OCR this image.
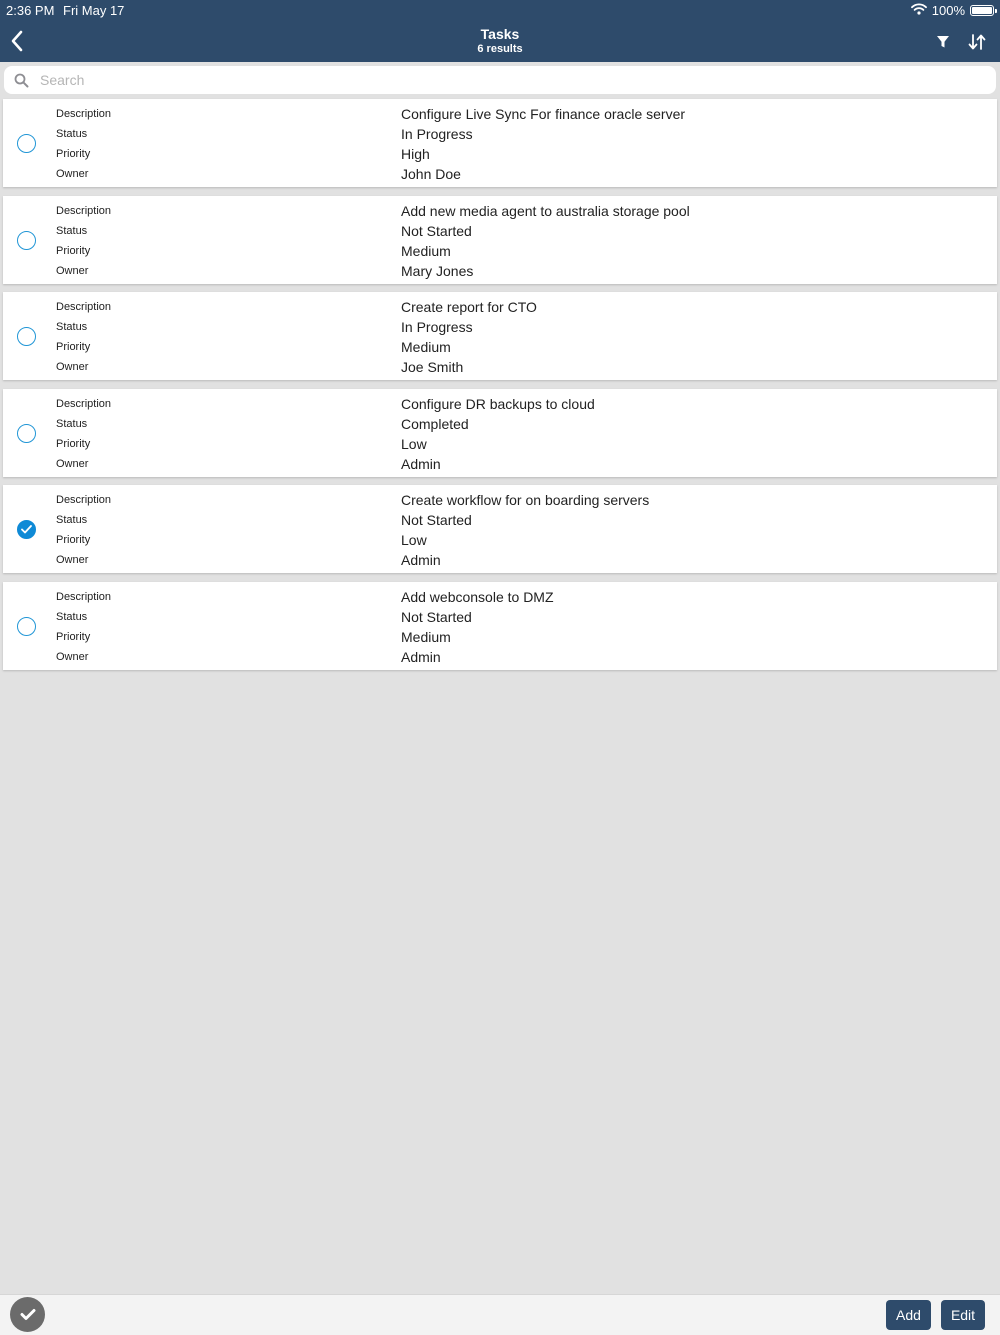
2:36 PM Fri May 17	100%
Tasks
6 results
Search
Description
Status
Priority
Owner
Configure Live Sync For finance oracle server
In Progress
High
John Doe
Description
Status
Priority
Owner
Add new media agent to australia storage pool
Not Started
Medium
Mary Jones
Description
Status
Priority
Owner
Create report for CTO
In Progress
Medium
Joe Smith
Description
Status
Priority
Owner
Configure DR backups to cloud
Completed
Low
Admin
Description
Status
Priority
Owner
Create workflow for on boarding servers
Not Started
Low
Admin
Description
Status
Priority
Owner
Add webconsole to DMZ
Not Started
Medium
Admin
Add	Edit
